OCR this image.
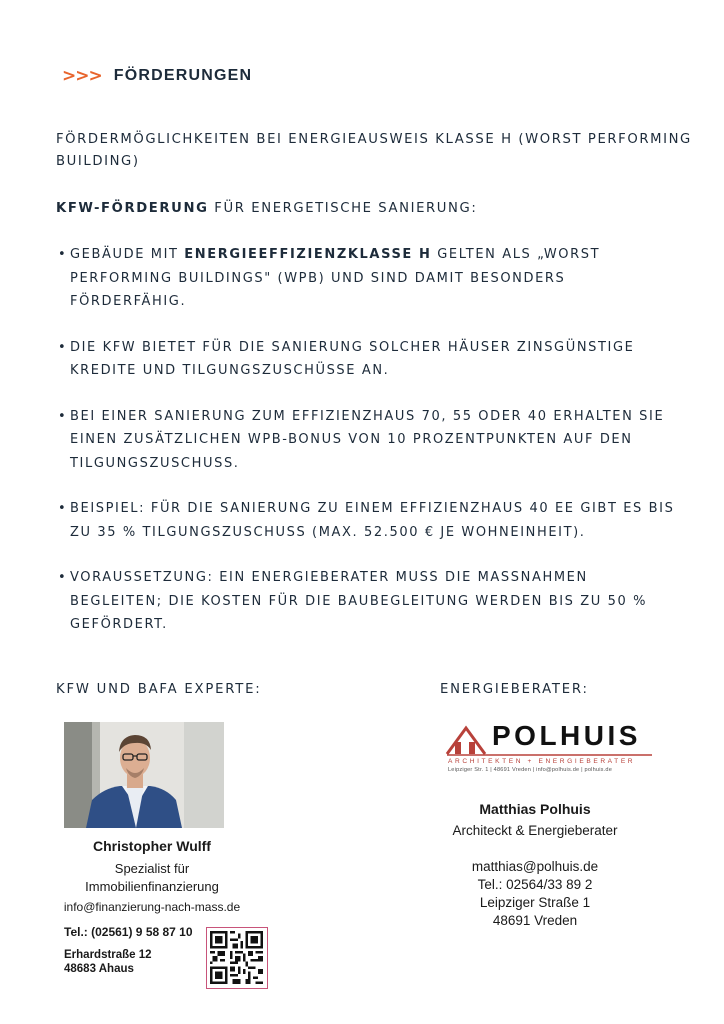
>>> FÖRDERUNGEN

FÖRDERMÖGLICHKEITEN BEI ENERGIEAUSWEIS KLASSE H (WORST PERFORMING BUILDING)

KFW-FÖRDERUNG FÜR ENERGETISCHE SANIERUNG:

• GEBÄUDE MIT ENERGIEEFFIZIENZKLASSE H GELTEN ALS „WORST PERFORMING BUILDINGS" (WPB) UND SIND DAMIT BESONDERS FÖRDERFÄHIG.
• DIE KFW BIETET FÜR DIE SANIERUNG SOLCHER HÄUSER ZINSGÜNSTIGE KREDITE UND TILGUNGSZUSCHÜSSE AN.
• BEI EINER SANIERUNG ZUM EFFIZIENZHAUS 70, 55 ODER 40 ERHALTEN SIE EINEN ZUSÄTZLICHEN WPB-BONUS VON 10 PROZENTPUNKTEN AUF DEN TILGUNGSZUSCHUSS.
• BEISPIEL: FÜR DIE SANIERUNG ZU EINEM EFFIZIENZHAUS 40 EE GIBT ES BIS ZU 35 % TILGUNGSZUSCHUSS (MAX. 52.500 € JE WOHNEINHEIT).
• VORAUSSETZUNG: EIN ENERGIEBERATER MUSS DIE MASSNAHMEN BEGLEITEN; DIE KOSTEN FÜR DIE BAUBEGLEITUNG WERDEN BIS ZU 50 % GEFÖRDERT.
KFW UND BAFA EXPERTE:	ENERGIEBERATER:
Christopher Wulff
Spezialist für
Immobilienfinanzierung
info@finanzierung-nach-mass.de
Tel.: (02561) 9 58 87 10
Erhardstraße 12
48683 Ahaus
POLHUIS
ARCHITEKTEN + ENERGIEBERATER
Leipziger Str. 1 | 48691 Vreden | info@polhuis.de | polhuis.de
Matthias Polhuis
Architeckt & Energieberater
matthias@polhuis.de
Tel.: 02564/33 89 2
Leipziger Straße 1
48691 Vreden
